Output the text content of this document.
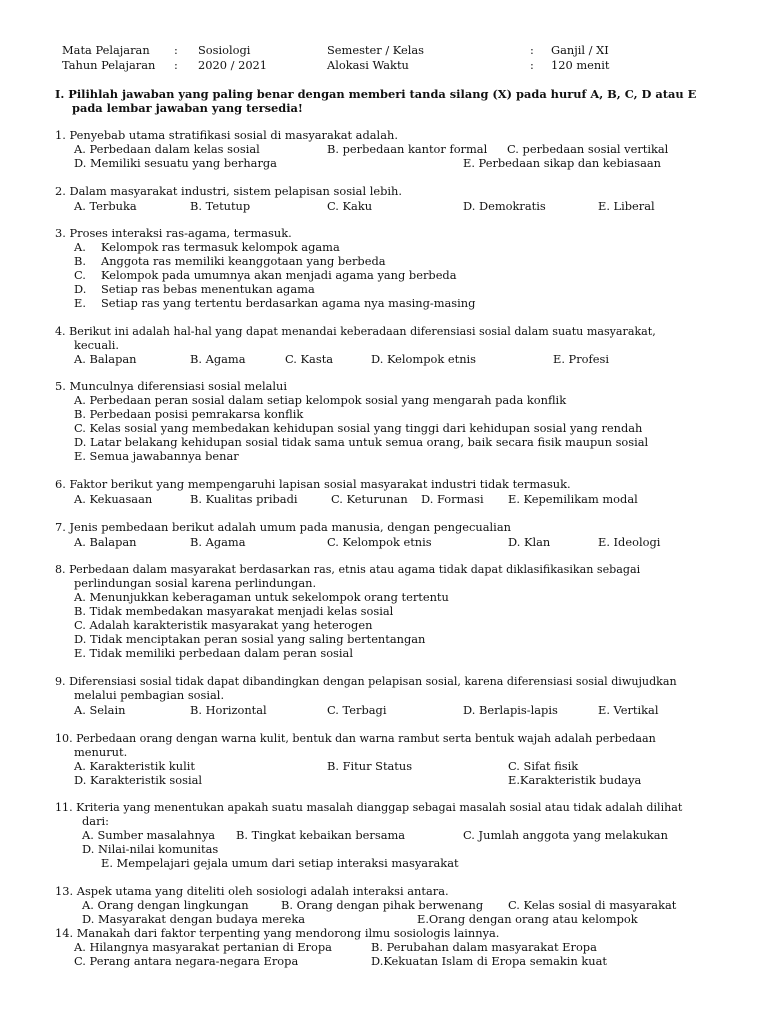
Mata Pelajaran : Sosiologi	Semester / Kelas	: Ganjil / XI
Tahun Pelajaran : 2020 / 2021	Alokasi Waktu	: 120 menit
I. Pilihlah jawaban yang paling benar dengan memberi tanda silang (X) pada huruf A, B, C, D atau E
pada lembar jawaban yang tersedia!
1. Penyebab utama stratifikasi sosial di masyarakat adalah.
A. Perbedaan dalam kelas sosial	B. perbedaan kantor formal C. perbedaan sosial vertikal
D. Memiliki sesuatu yang berharga	E. Perbedaan sikap dan kebiasaan
2. Dalam masyarakat industri, sistem pelapisan sosial lebih.
A. Terbuka	B. Tetutup	C. Kaku	D. Demokratis	E. Liberal
3. Proses interaksi ras-agama, termasuk.
A. Kelompok ras termasuk kelompok agama
B. Anggota ras memiliki keanggotaan yang berbeda
C. Kelompok pada umumnya akan menjadi agama yang berbeda
D. Setiap ras bebas menentukan agama
E. Setiap ras yang tertentu berdasarkan agama nya masing-masing
4. Berikut ini adalah hal-hal yang dapat menandai keberadaan diferensiasi sosial dalam suatu masyarakat,
kecuali.
A. Balapan	B. Agama	C. Kasta	D. Kelompok etnis	E. Profesi
5. Munculnya diferensiasi sosial melalui
A. Perbedaan peran sosial dalam setiap kelompok sosial yang mengarah pada konflik
B. Perbedaan posisi pemrakarsa konflik
C. Kelas sosial yang membedakan kehidupan sosial yang tinggi dari kehidupan sosial yang rendah
D. Latar belakang kehidupan sosial tidak sama untuk semua orang, baik secara fisik maupun sosial
E. Semua jawabannya benar
6. Faktor berikut yang mempengaruhi lapisan sosial masyarakat industri tidak termasuk.
A. Kekuasaan	B. Kualitas pribadi	C. Keturunan D. Formasi E. Kepemilikam modal
7. Jenis pembedaan berikut adalah umum pada manusia, dengan pengecualian
A. Balapan	B. Agama	C. Kelompok etnis	D. Klan	E. Ideologi
8. Perbedaan dalam masyarakat berdasarkan ras, etnis atau agama tidak dapat diklasifikasikan sebagai
perlindungan sosial karena perlindungan.
A. Menunjukkan keberagaman untuk sekelompok orang tertentu
B. Tidak membedakan masyarakat menjadi kelas sosial
C. Adalah karakteristik masyarakat yang heterogen
D. Tidak menciptakan peran sosial yang saling bertentangan
E. Tidak memiliki perbedaan dalam peran sosial
9. Diferensiasi sosial tidak dapat dibandingkan dengan pelapisan sosial, karena diferensiasi sosial diwujudkan
melalui pembagian sosial.
A. Selain	B. Horizontal	C. Terbagi	D. Berlapis-lapis	E. Vertikal
10. Perbedaan orang dengan warna kulit, bentuk dan warna rambut serta bentuk wajah adalah perbedaan
menurut.
A. Karakteristik kulit	B. Fitur Status	C. Sifat fisik
D. Karakteristik sosial	E.Karakteristik budaya
11. Kriteria yang menentukan apakah suatu masalah dianggap sebagai masalah sosial atau tidak adalah dilihat
dari:
A. Sumber masalahnya B. Tingkat kebaikan bersama	C. Jumlah anggota yang melakukan
D. Nilai-nilai komunitas
E. Mempelajari gejala umum dari setiap interaksi masyarakat
13. Aspek utama yang diteliti oleh sosiologi adalah interaksi antara.
A. Orang dengan lingkungan	B. Orang dengan pihak berwenang C. Kelas sosial di masyarakat
D. Masyarakat dengan budaya mereka	E.Orang dengan orang atau kelompok
14. Manakah dari faktor terpenting yang mendorong ilmu sosiologis lainnya.
A. Hilangnya masyarakat pertanian di Eropa	B. Perubahan dalam masyarakat Eropa
C. Perang antara negara-negara Eropa	D.Kekuatan Islam di Eropa semakin kuat
